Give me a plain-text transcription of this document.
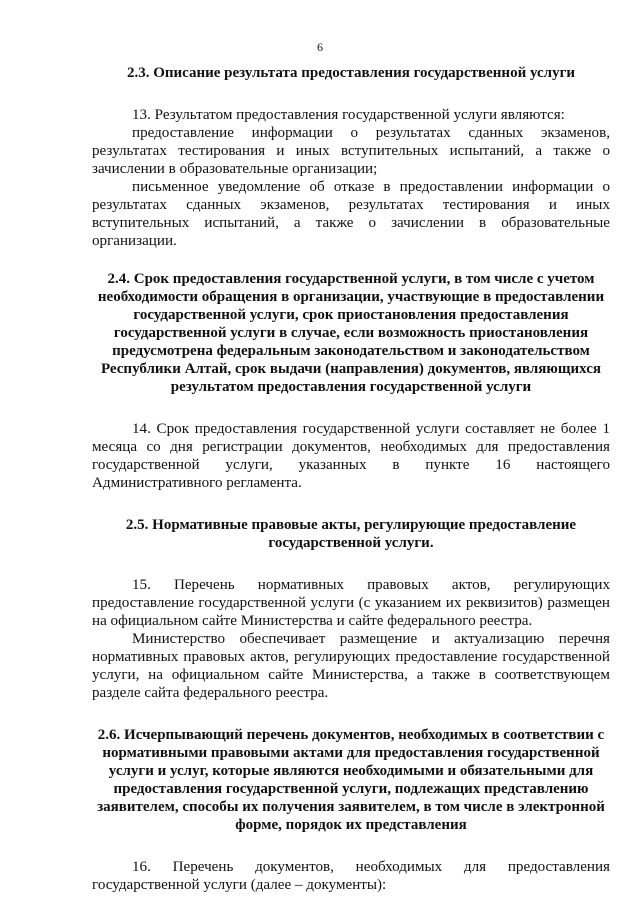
6
2.3. Описание результата предоставления государственной услуги

13. Результатом предоставления государственной услуги являются:

предоставление информации о результатах сданных экзаменов, результатах тестирования и иных вступительных испытаний, а также о зачислении в образовательные организации;

письменное уведомление об отказе в предоставлении информации о результатах сданных экзаменов, результатах тестирования и иных вступительных испытаний, а также о зачислении в образовательные организации.

2.4. Срок предоставления государственной услуги, в том числе с учетом необходимости обращения в организации, участвующие в предоставлении государственной услуги, срок приостановления предоставления государственной услуги в случае, если возможность приостановления предусмотрена федеральным законодательством и законодательством Республики Алтай, срок выдачи (направления) документов, являющихся результатом предоставления государственной услуги

14. Срок предоставления государственной услуги составляет не более 1 месяца со дня регистрации документов, необходимых для предоставления государственной услуги, указанных в пункте 16 настоящего Административного регламента.

2.5. Нормативные правовые акты, регулирующие предоставление государственной услуги.

15. Перечень нормативных правовых актов, регулирующих предоставление государственной услуги (с указанием их реквизитов) размещен на официальном сайте Министерства и сайте федерального реестра.

Министерство обеспечивает размещение и актуализацию перечня нормативных правовых актов, регулирующих предоставление государственной услуги, на официальном сайте Министерства, а также в соответствующем разделе сайта федерального реестра.

2.6. Исчерпывающий перечень документов, необходимых в соответствии с нормативными правовыми актами для предоставления государственной услуги и услуг, которые являются необходимыми и обязательными для предоставления государственной услуги, подлежащих представлению заявителем, способы их получения заявителем, в том числе в электронной форме, порядок их представления

16. Перечень документов, необходимых для предоставления государственной услуги (далее – документы):
